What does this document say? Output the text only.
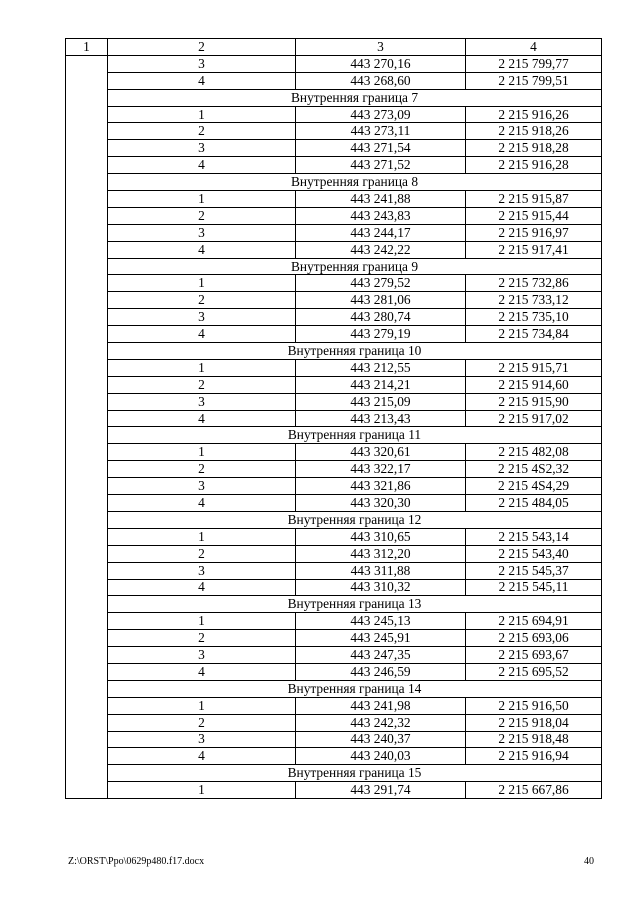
1	2	3	4
	3	443 270,16	2 215 799,77
	4	443 268,60	2 215 799,51
	Внутренняя граница 7		
	1	443 273,09	2 215 916,26
	2	443 273,11	2 215 918,26
	3	443 271,54	2 215 918,28
	4	443 271,52	2 215 916,28
	Внутренняя граница 8		
	1	443 241,88	2 215 915,87
	2	443 243,83	2 215 915,44
	3	443 244,17	2 215 916,97
	4	443 242,22	2 215 917,41
	Внутренняя граница 9		
	1	443 279,52	2 215 732,86
	2	443 281,06	2 215 733,12
	3	443 280,74	2 215 735,10
	4	443 279,19	2 215 734,84
	Внутренняя граница 10		
	1	443 212,55	2 215 915,71
	2	443 214,21	2 215 914,60
	3	443 215,09	2 215 915,90
	4	443 213,43	2 215 917,02
	Внутренняя граница 11		
	1	443 320,61	2 215 482,08
	2	443 322,17	2 215 4S2,32
	3	443 321,86	2 215 4S4,29
	4	443 320,30	2 215 484,05
	Внутренняя граница 12		
	1	443 310,65	2 215 543,14
	2	443 312,20	2 215 543,40
	3	443 311,88	2 215 545,37
	4	443 310,32	2 215 545,11
	Внутренняя граница 13		
	1	443 245,13	2 215 694,91
	2	443 245,91	2 215 693,06
	3	443 247,35	2 215 693,67
	4	443 246,59	2 215 695,52
	Внутренняя граница 14		
	1	443 241,98	2 215 916,50
	2	443 242,32	2 215 918,04
	3	443 240,37	2 215 918,48
	4	443 240,03	2 215 916,94
	Внутренняя граница 15		
	1	443 291,74	2 215 667,86
Z:\ORST\Ppo\0629p480.f17.docx	40
